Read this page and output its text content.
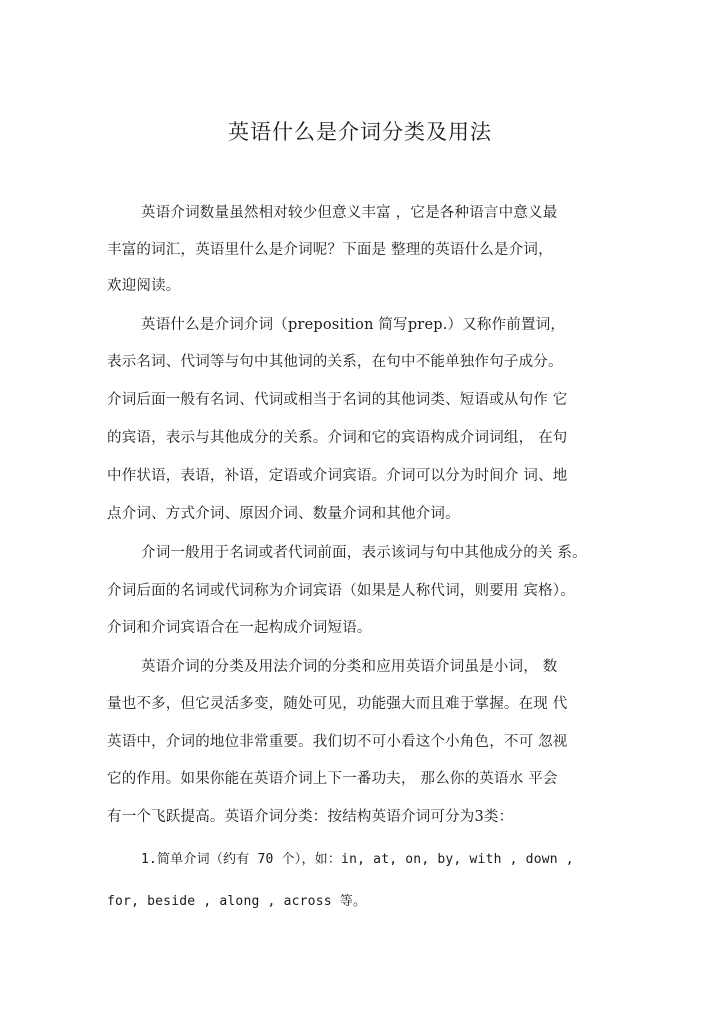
英语什么是介词分类及用法
英语介词数量虽然相对较少但意义丰富 ，它是各种语言中意义最
丰富的词汇，英语里什么是介词呢？下面是 整理的英语什么是介词，
欢迎阅读。
英语什么是介词介词（preposition 简写prep.）又称作前置词，
表示名词、代词等与句中其他词的关系，在句中不能单独作句子成分。
介词后面一般有名词、代词或相当于名词的其他词类、短语或从句作 它
的宾语，表示与其他成分的关系。介词和它的宾语构成介词词组， 在句
中作状语，表语，补语，定语或介词宾语。介词可以分为时间介 词、地
点介词、方式介词、原因介词、数量介词和其他介词。
介词一般用于名词或者代词前面，表示该词与句中其他成分的关 系。
介词后面的名词或代词称为介词宾语（如果是人称代词，则要用 宾格）。
介词和介词宾语合在一起构成介词短语。
英语介词的分类及用法介词的分类和应用英语介词虽是小词， 数
量也不多，但它灵活多变，随处可见，功能强大而且难于掌握。在现 代
英语中，介词的地位非常重要。我们切不可小看这个小角色，不可 忽视
它的作用。如果你能在英语介词上下一番功夫， 那么你的英语水 平会
有一个飞跃提高。英语介词分类：按结构英语介词可分为3类：
1.简单介词（约有 70 个），如：in, at, on, by, with , down ,
for, beside , along , across 等。
